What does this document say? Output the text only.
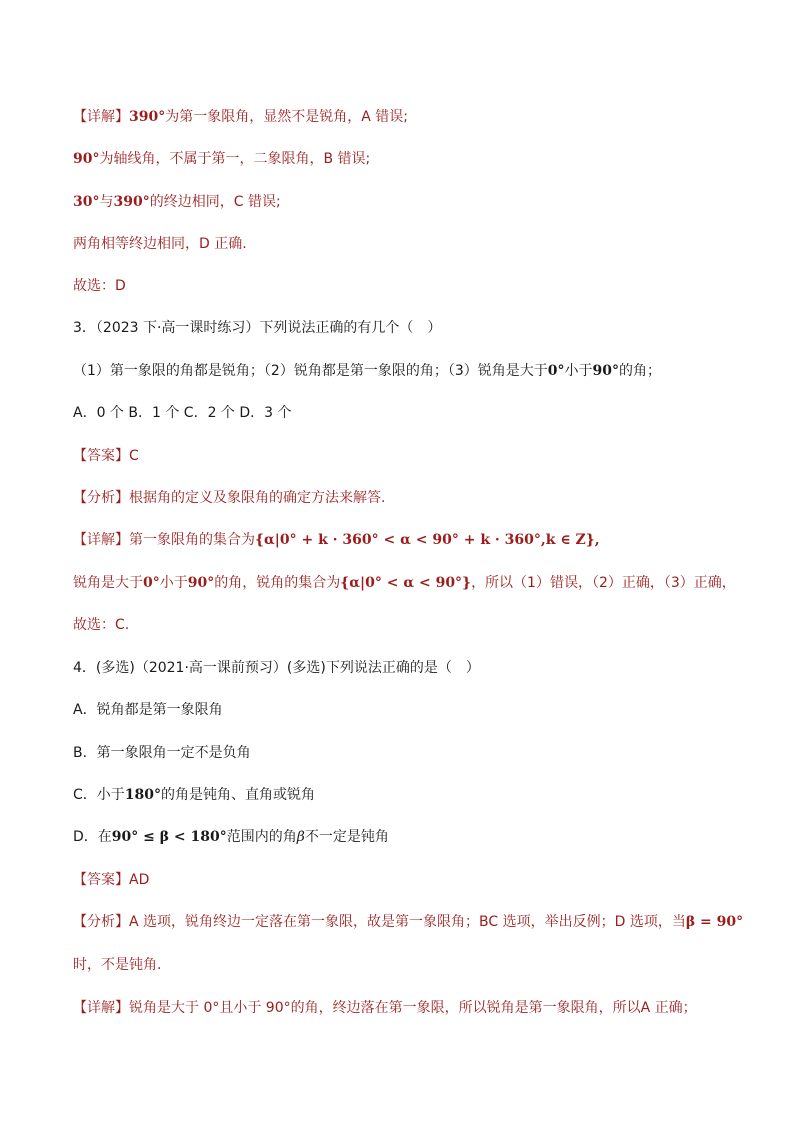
【详解】390°为第一象限角，显然不是锐角，A 错误;
90°为轴线角，不属于第一，二象限角，B 错误;
30°与390°的终边相同，C 错误;
两角相等终边相同，D 正确.
故选：D
3．（2023 下·高一课时练习）下列说法正确的有几个（　）
（1）第一象限的角都是锐角；（2）锐角都是第一象限的角；（3）锐角是大于0°小于90°的角；
A．0 个 B．1 个 C．2 个 D．3 个
【答案】C
【分析】根据角的定义及象限角的确定方法来解答.
【详解】第一象限角的集合为{α|0° + k · 360° < α < 90° + k · 360°,k ∈ Z},
锐角是大于0°小于90°的角，锐角的集合为{α|0° < α < 90°}，所以（1）错误，（2）正确，（3）正确，
故选：C.
4．(多选)（2021·高一课前预习）(多选)下列说法正确的是（　）
A．锐角都是第一象限角
B．第一象限角一定不是负角
C．小于180°的角是钝角、直角或锐角
D．在90° ≤ β < 180°范围内的角β不一定是钝角
【答案】AD
【分析】A 选项，锐角终边一定落在第一象限，故是第一象限角；BC 选项，举出反例；D 选项，当β = 90°
时，不是钝角.
【详解】锐角是大于 0°且小于 90°的角，终边落在第一象限，所以锐角是第一象限角，所以A 正确；
